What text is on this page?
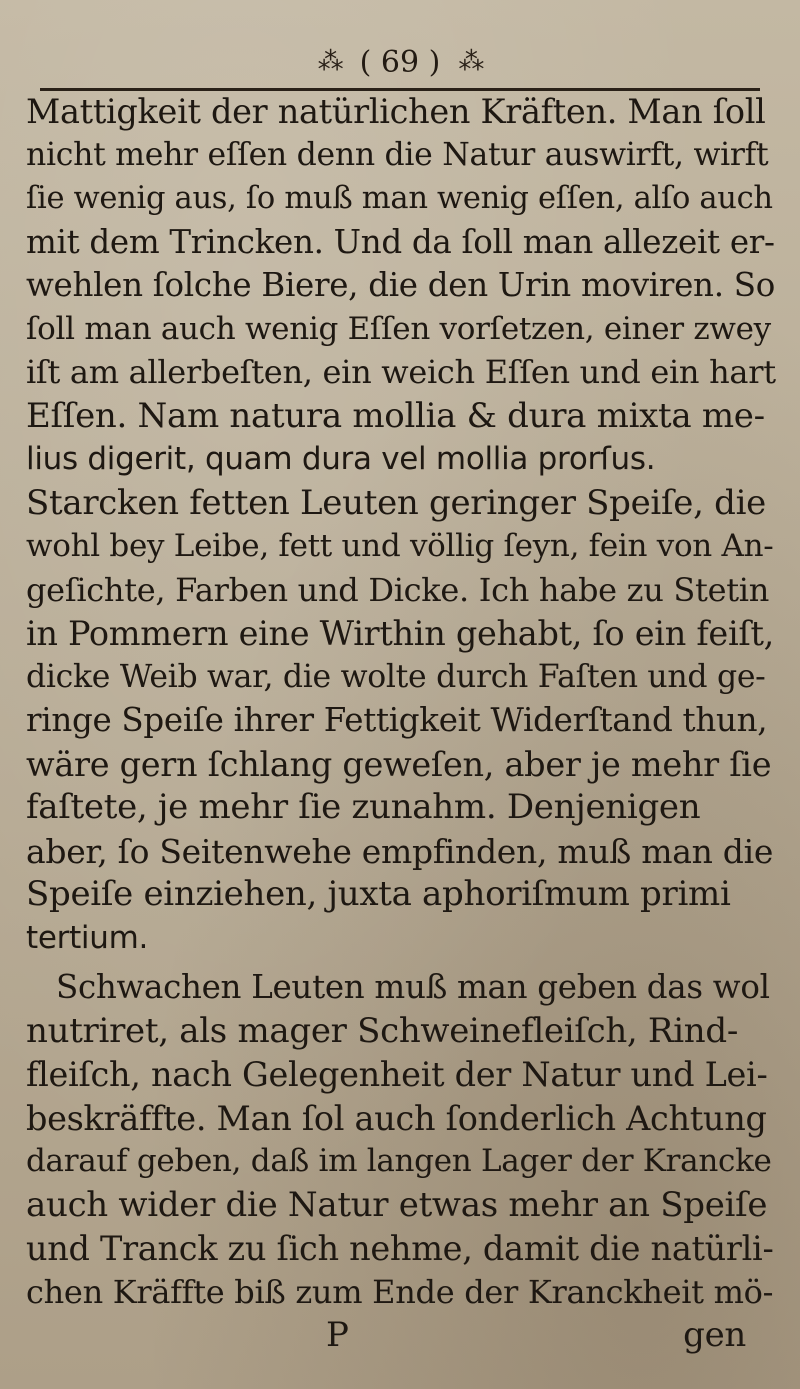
⁂ ( 69 ) ⁂
Mattigkeit der natürlichen Kräften. Man ſoll
nicht mehr eſſen denn die Natur auswirft, wirft
ſie wenig aus, ſo muß man wenig eſſen, alſo auch
mit dem Trincken. Und da ſoll man allezeit er-
wehlen ſolche Biere, die den Urin moviren. So
ſoll man auch wenig Eſſen vorſetzen, einer zwey
iſt am allerbeſten, ein weich Eſſen und ein hart
Eſſen. Nam natura mollia & dura mixta me-
lius digerit, quam dura vel mollia prorſus.
Starcken fetten Leuten geringer Speiſe, die
wohl bey Leibe, fett und völlig ſeyn, fein von An-
geſichte, Farben und Dicke. Ich habe zu Stetin
in Pommern eine Wirthin gehabt, ſo ein feiſt,
dicke Weib war, die wolte durch Faſten und ge-
ringe Speiſe ihrer Fettigkeit Widerſtand thun,
wäre gern ſchlang geweſen, aber je mehr ſie
faſtete, je mehr ſie zunahm. Denjenigen
aber, ſo Seitenwehe empfinden, muß man die
Speiſe einziehen, juxta aphoriſmum primi
tertium.
Schwachen Leuten muß man geben das wol
nutriret, als mager Schweinefleiſch, Rind-
fleiſch, nach Gelegenheit der Natur und Lei-
beskräffte. Man ſol auch ſonderlich Achtung
darauf geben, daß im langen Lager der Krancke
auch wider die Natur etwas mehr an Speiſe
und Tranck zu ſich nehme, damit die natürli-
chen Kräffte biß zum Ende der Kranckheit mö-
P	gen
